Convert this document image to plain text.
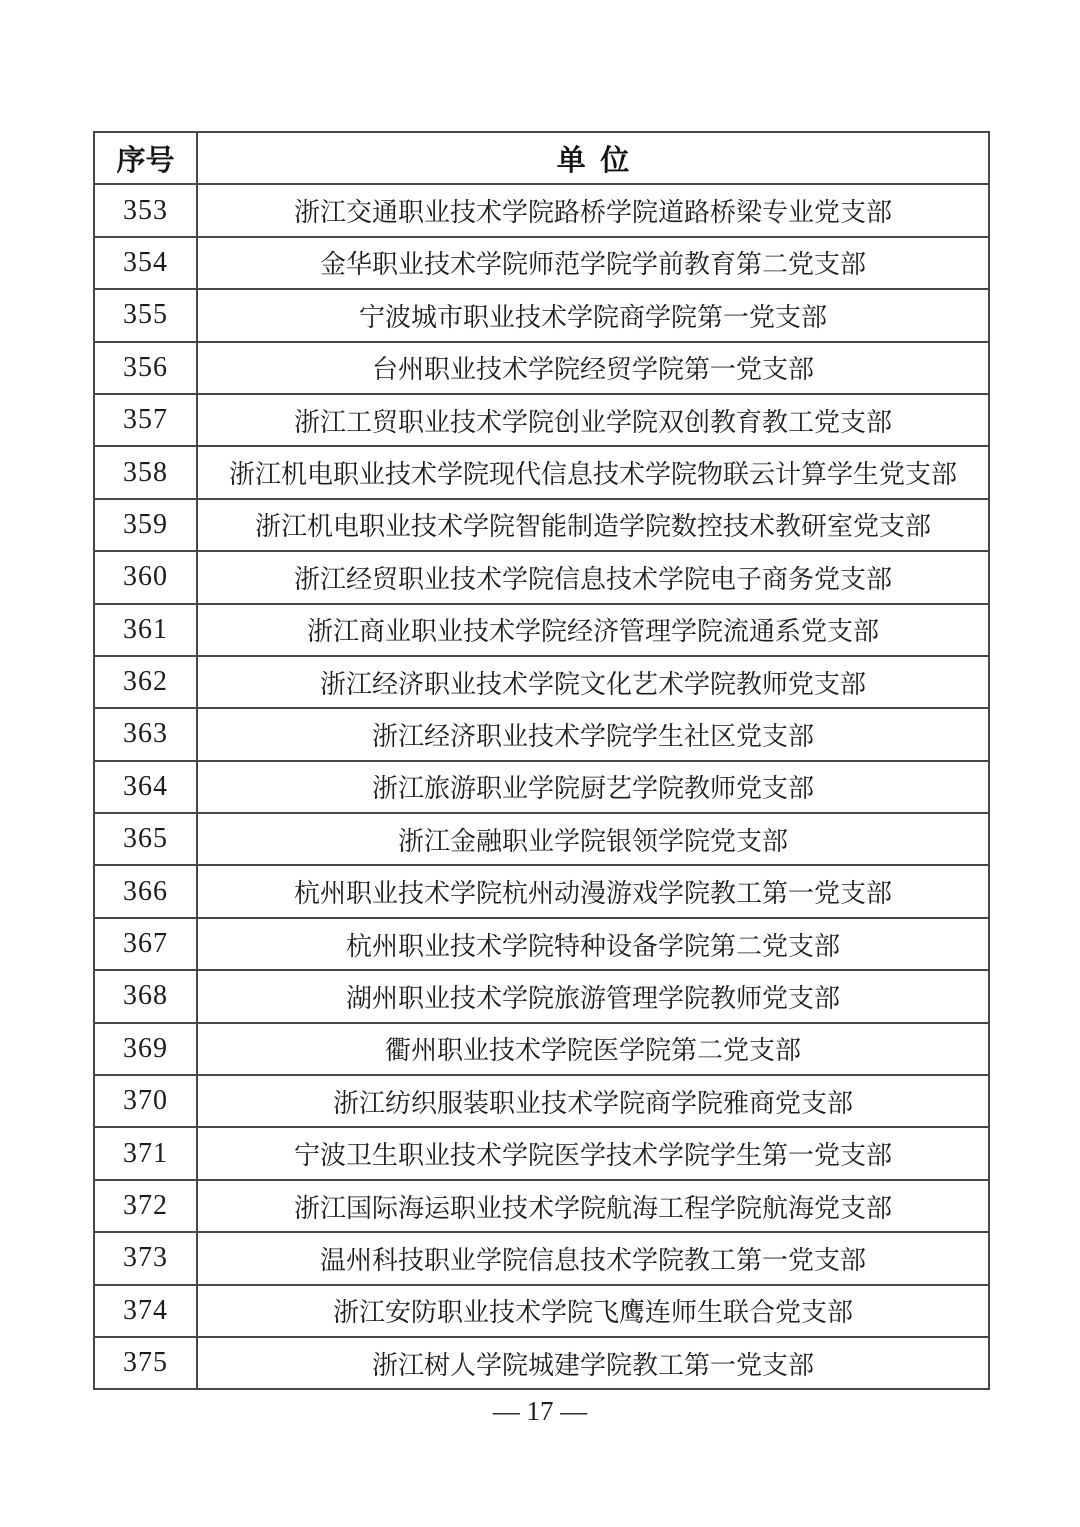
序号	单  位
353	浙江交通职业技术学院路桥学院道路桥梁专业党支部
354	金华职业技术学院师范学院学前教育第二党支部
355	宁波城市职业技术学院商学院第一党支部
356	台州职业技术学院经贸学院第一党支部
357	浙江工贸职业技术学院创业学院双创教育教工党支部
358	浙江机电职业技术学院现代信息技术学院物联云计算学生党支部
359	浙江机电职业技术学院智能制造学院数控技术教研室党支部
360	浙江经贸职业技术学院信息技术学院电子商务党支部
361	浙江商业职业技术学院经济管理学院流通系党支部
362	浙江经济职业技术学院文化艺术学院教师党支部
363	浙江经济职业技术学院学生社区党支部
364	浙江旅游职业学院厨艺学院教师党支部
365	浙江金融职业学院银领学院党支部
366	杭州职业技术学院杭州动漫游戏学院教工第一党支部
367	杭州职业技术学院特种设备学院第二党支部
368	湖州职业技术学院旅游管理学院教师党支部
369	衢州职业技术学院医学院第二党支部
370	浙江纺织服装职业技术学院商学院雅商党支部
371	宁波卫生职业技术学院医学技术学院学生第一党支部
372	浙江国际海运职业技术学院航海工程学院航海党支部
373	温州科技职业学院信息技术学院教工第一党支部
374	浙江安防职业技术学院飞鹰连师生联合党支部
375	浙江树人学院城建学院教工第一党支部
— 17 —
